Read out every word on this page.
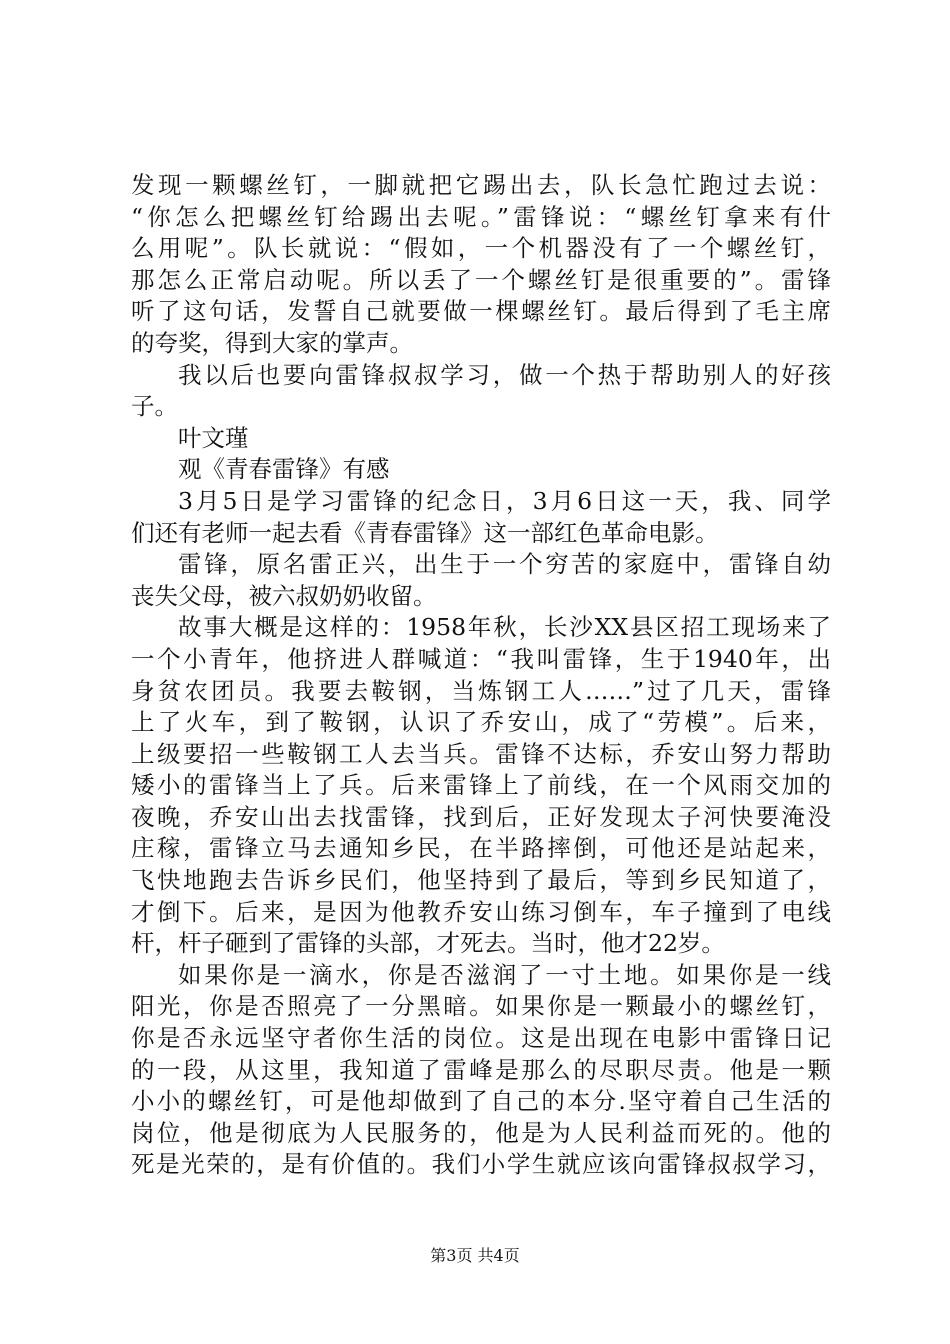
发现一颗螺丝钉，一脚就把它踢出去，队长急忙跑过去说：
“你怎么把螺丝钉给踢出去呢。”雷锋说：“螺丝钉拿来有什
么用呢”。队长就说：“假如，一个机器没有了一个螺丝钉，
那怎么正常启动呢。所以丢了一个螺丝钉是很重要的”。雷锋
听了这句话，发誓自己就要做一棵螺丝钉。最后得到了毛主席
的夸奖，得到大家的掌声。
我以后也要向雷锋叔叔学习，做一个热于帮助别人的好孩
子。
叶文瑾
观《青春雷锋》有感
3月5日是学习雷锋的纪念日，3月6日这一天，我、同学
们还有老师一起去看《青春雷锋》这一部红色革命电影。
雷锋，原名雷正兴，出生于一个穷苦的家庭中，雷锋自幼
丧失父母，被六叔奶奶收留。
故事大概是这样的：1958年秋，长沙XX县区招工现场来了
一个小青年，他挤进人群喊道：“我叫雷锋，生于1940年，出
身贫农团员。我要去鞍钢，当炼钢工人……”过了几天，雷锋
上了火车，到了鞍钢，认识了乔安山，成了“劳模”。后来，
上级要招一些鞍钢工人去当兵。雷锋不达标，乔安山努力帮助
矮小的雷锋当上了兵。后来雷锋上了前线，在一个风雨交加的
夜晚，乔安山出去找雷锋，找到后，正好发现太子河快要淹没
庄稼，雷锋立马去通知乡民，在半路摔倒，可他还是站起来，
飞快地跑去告诉乡民们，他坚持到了最后，等到乡民知道了，
才倒下。后来，是因为他教乔安山练习倒车，车子撞到了电线
杆，杆子砸到了雷锋的头部，才死去。当时，他才22岁。
如果你是一滴水，你是否滋润了一寸土地。如果你是一线
阳光，你是否照亮了一分黑暗。如果你是一颗最小的螺丝钉，
你是否永远坚守者你生活的岗位。这是出现在电影中雷锋日记
的一段，从这里，我知道了雷峰是那么的尽职尽责。他是一颗
小小的螺丝钉，可是他却做到了自己的本分.坚守着自己生活的
岗位，他是彻底为人民服务的，他是为人民利益而死的。他的
死是光荣的，是有价值的。我们小学生就应该向雷锋叔叔学习，
第3页 共4页
